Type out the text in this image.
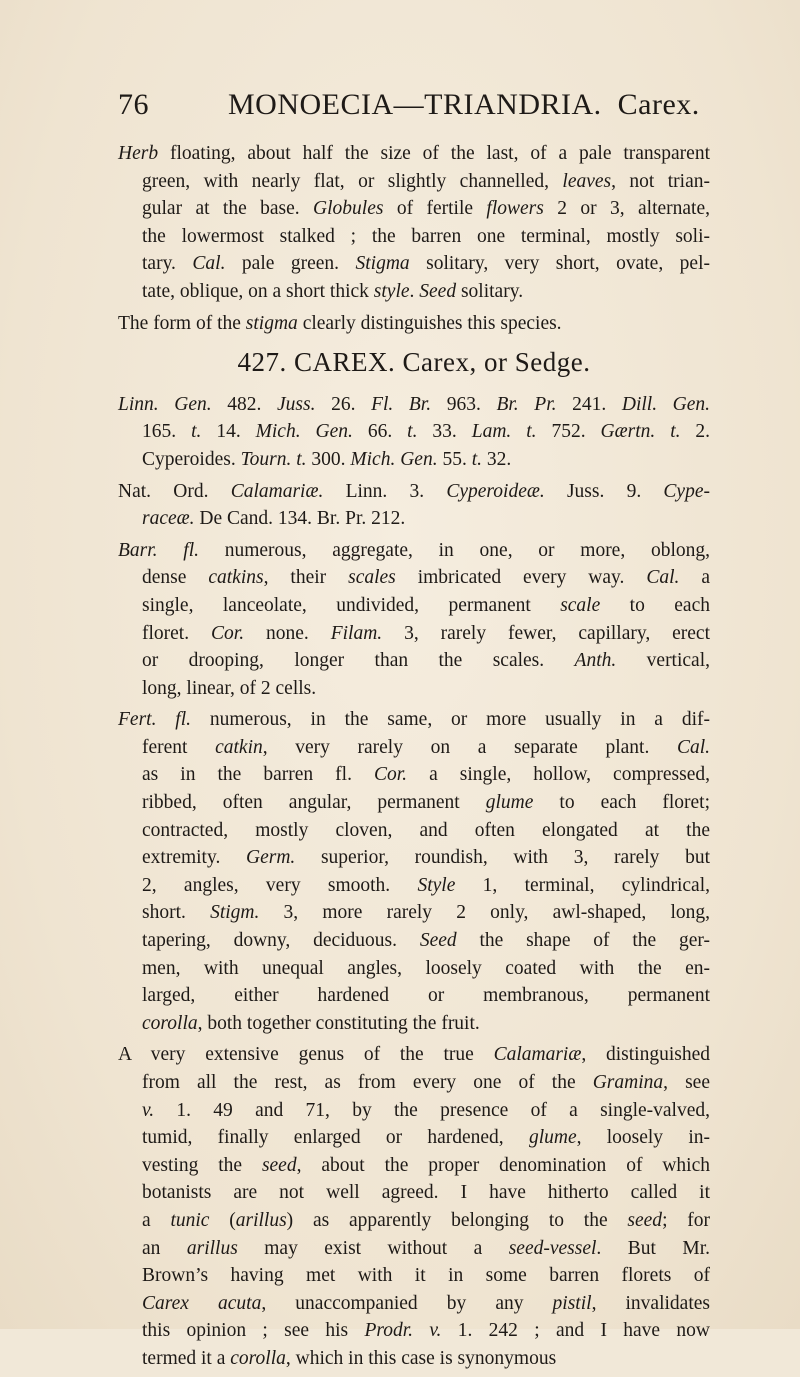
76	MONOECIA—TRIANDRIA. Carex.
Herb floating, about half the size of the last, of a pale transparent
green, with nearly flat, or slightly channelled, leaves, not trian-
gular at the base. Globules of fertile flowers 2 or 3, alternate,
the lowermost stalked ; the barren one terminal, mostly soli-
tary. Cal. pale green. Stigma solitary, very short, ovate, pel-
tate, oblique, on a short thick style. Seed solitary.
The form of the stigma clearly distinguishes this species.
427. CAREX. Carex, or Sedge.
Linn. Gen. 482. Juss. 26. Fl. Br. 963. Br. Pr. 241. Dill. Gen.
165. t. 14. Mich. Gen. 66. t. 33. Lam. t. 752. Gærtn. t. 2.
Cyperoides. Tourn. t. 300. Mich. Gen. 55. t. 32.
Nat. Ord. Calamariæ. Linn. 3. Cyperoideæ. Juss. 9. Cype-
raceæ. De Cand. 134. Br. Pr. 212.
Barr. fl. numerous, aggregate, in one, or more, oblong,
dense catkins, their scales imbricated every way. Cal. a
single, lanceolate, undivided, permanent scale to each
floret. Cor. none. Filam. 3, rarely fewer, capillary, erect
or drooping, longer than the scales. Anth. vertical,
long, linear, of 2 cells.
Fert. fl. numerous, in the same, or more usually in a dif-
ferent catkin, very rarely on a separate plant. Cal.
as in the barren fl. Cor. a single, hollow, compressed,
ribbed, often angular, permanent glume to each floret;
contracted, mostly cloven, and often elongated at the
extremity. Germ. superior, roundish, with 3, rarely but
2, angles, very smooth. Style 1, terminal, cylindrical,
short. Stigm. 3, more rarely 2 only, awl-shaped, long,
tapering, downy, deciduous. Seed the shape of the ger-
men, with unequal angles, loosely coated with the en-
larged, either hardened or membranous, permanent
corolla, both together constituting the fruit.
A very extensive genus of the true Calamariæ, distinguished
from all the rest, as from every one of the Gramina, see
v. 1. 49 and 71, by the presence of a single-valved,
tumid, finally enlarged or hardened, glume, loosely in-
vesting the seed, about the proper denomination of which
botanists are not well agreed. I have hitherto called it
a tunic (arillus) as apparently belonging to the seed; for
an arillus may exist without a seed-vessel. But Mr.
Brown’s having met with it in some barren florets of
Carex acuta, unaccompanied by any pistil, invalidates
this opinion ; see his Prodr. v. 1. 242 ; and I have now
termed it a corolla, which in this case is synonymous
